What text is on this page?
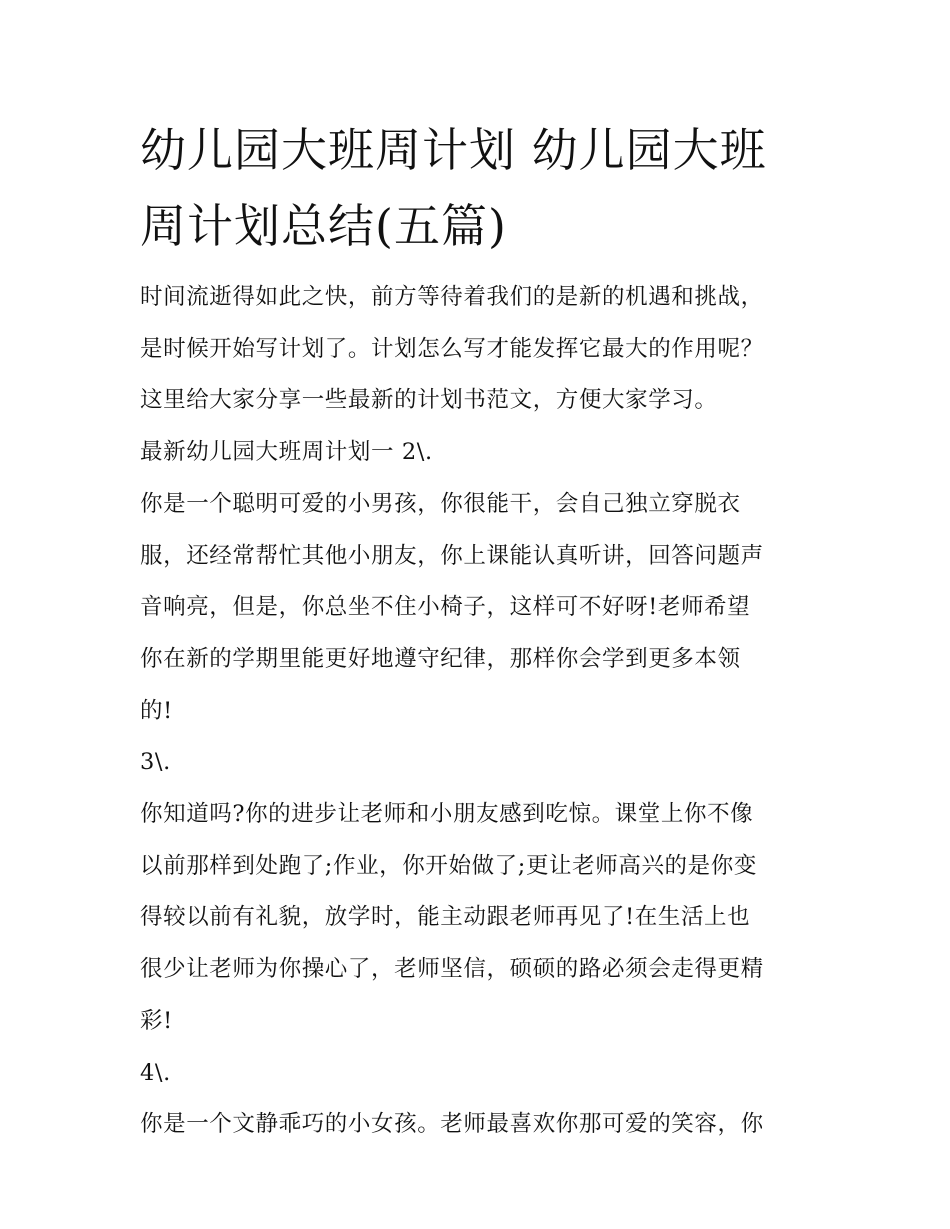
幼儿园大班周计划 幼儿园大班
周计划总结(五篇)

时间流逝得如此之快，前方等待着我们的是新的机遇和挑战，
是时候开始写计划了。计划怎么写才能发挥它最大的作用呢？
这里给大家分享一些最新的计划书范文，方便大家学习。

最新幼儿园大班周计划一 2\.

你是一个聪明可爱的小男孩，你很能干，会自己独立穿脱衣
服，还经常帮忙其他小朋友，你上课能认真听讲，回答问题声
音响亮，但是，你总坐不住小椅子，这样可不好呀!老师希望
你在新的学期里能更好地遵守纪律，那样你会学到更多本领
的!

3\.

你知道吗?你的进步让老师和小朋友感到吃惊。课堂上你不像
以前那样到处跑了;作业，你开始做了;更让老师高兴的是你变
得较以前有礼貌，放学时，能主动跟老师再见了!在生活上也
很少让老师为你操心了，老师坚信，硕硕的路必须会走得更精
彩!

4\.

你是一个文静乖巧的小女孩。老师最喜欢你那可爱的笑容，你
